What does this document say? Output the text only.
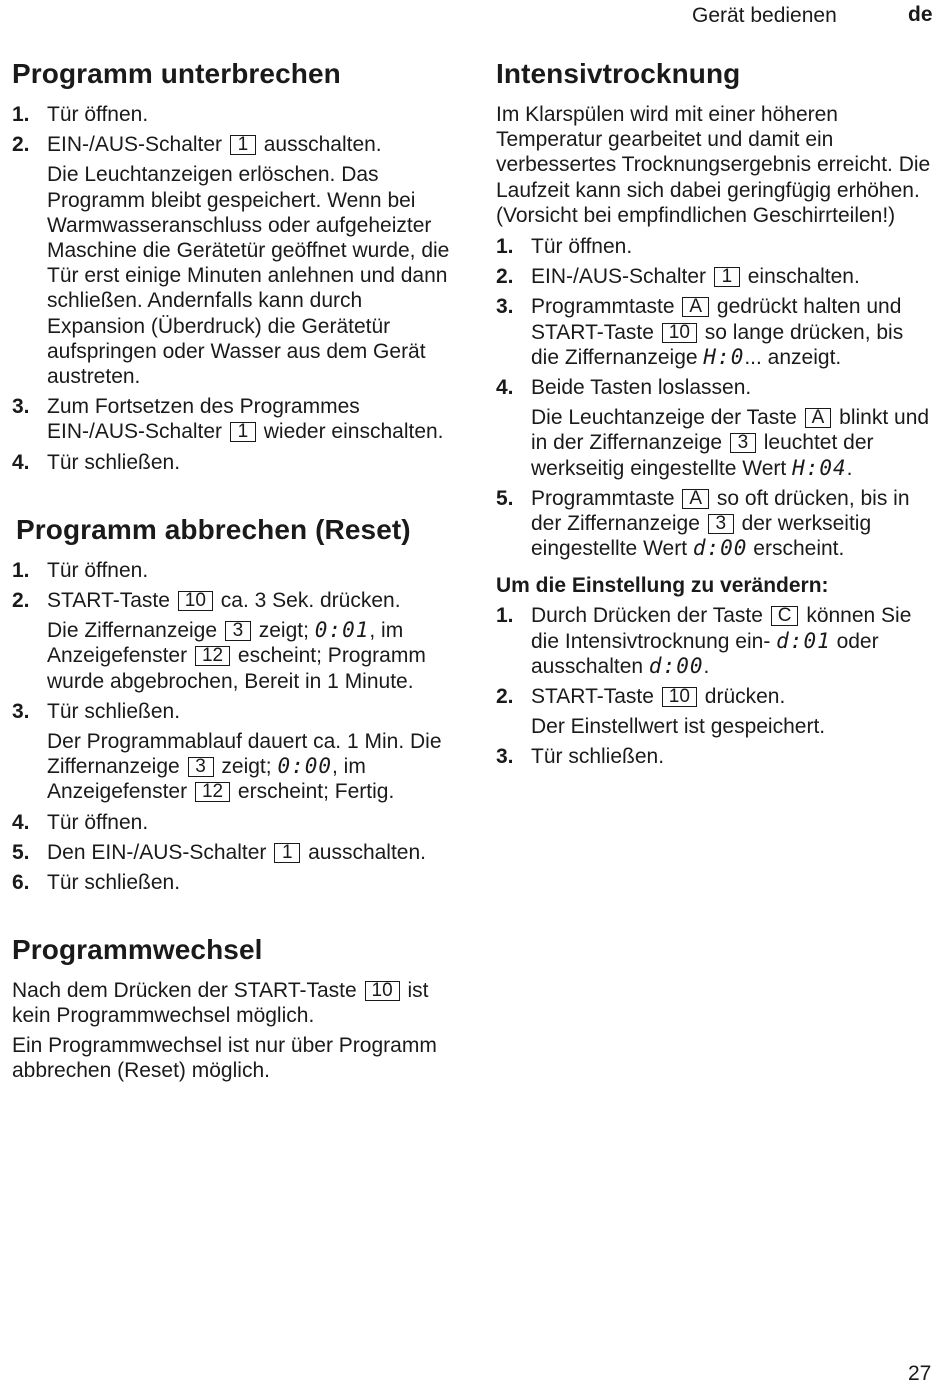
Gerät bedienen	de
Programm unterbrechen
1. Tür öffnen.
2. EIN-/AUS-Schalter 1 ausschalten.

Die Leuchtanzeigen erlöschen. Das Programm bleibt gespeichert. Wenn bei Warmwasseranschluss oder aufgeheizter Maschine die Gerätetür geöffnet wurde, die Tür erst einige Minuten anlehnen und dann schließen. Andernfalls kann durch Expansion (Überdruck) die Gerätetür aufspringen oder Wasser aus dem Gerät austreten.

3. Zum Fortsetzen des Programmes EIN-/AUS-Schalter 1 wieder einschalten.
4. Tür schließen.
Programm abbrechen (Reset)
1. Tür öffnen.
2. START-Taste 10 ca. 3 Sek. drücken.

Die Ziffernanzeige 3 zeigt; 0:01, im Anzeigefenster 12 escheint; Programm wurde abgebrochen, Bereit in 1 Minute.

3. Tür schließen.

Der Programmablauf dauert ca. 1 Min. Die Ziffernanzeige 3 zeigt; 0:00, im Anzeigefenster 12 erscheint; Fertig.

4. Tür öffnen.
5. Den EIN-/AUS-Schalter 1 ausschalten.
6. Tür schließen.
Programmwechsel

Nach dem Drücken der START-Taste 10 ist kein Programmwechsel möglich.

Ein Programmwechsel ist nur über Programm abbrechen (Reset) möglich.

Intensivtrocknung

Im Klarspülen wird mit einer höheren Temperatur gearbeitet und damit ein verbessertes Trocknungsergebnis erreicht. Die Laufzeit kann sich dabei geringfügig erhöhen. (Vorsicht bei empfindlichen Geschirrteilen!)

1. Tür öffnen.
2. EIN-/AUS-Schalter 1 einschalten.
3. Programmtaste A gedrückt halten und START-Taste 10 so lange drücken, bis die Ziffernanzeige H:0... anzeigt.
4. Beide Tasten loslassen.

Die Leuchtanzeige der Taste A blinkt und in der Ziffernanzeige 3 leuchtet der werkseitig eingestellte Wert H:04.

5. Programmtaste A so oft drücken, bis in der Ziffernanzeige 3 der werkseitig eingestellte Wert d:00 erscheint.
Um die Einstellung zu verändern:
1. Durch Drücken der Taste C können Sie die Intensivtrocknung ein- d:01 oder ausschalten d:00.
2. START-Taste 10 drücken.

Der Einstellwert ist gespeichert.

3. Tür schließen.
27
